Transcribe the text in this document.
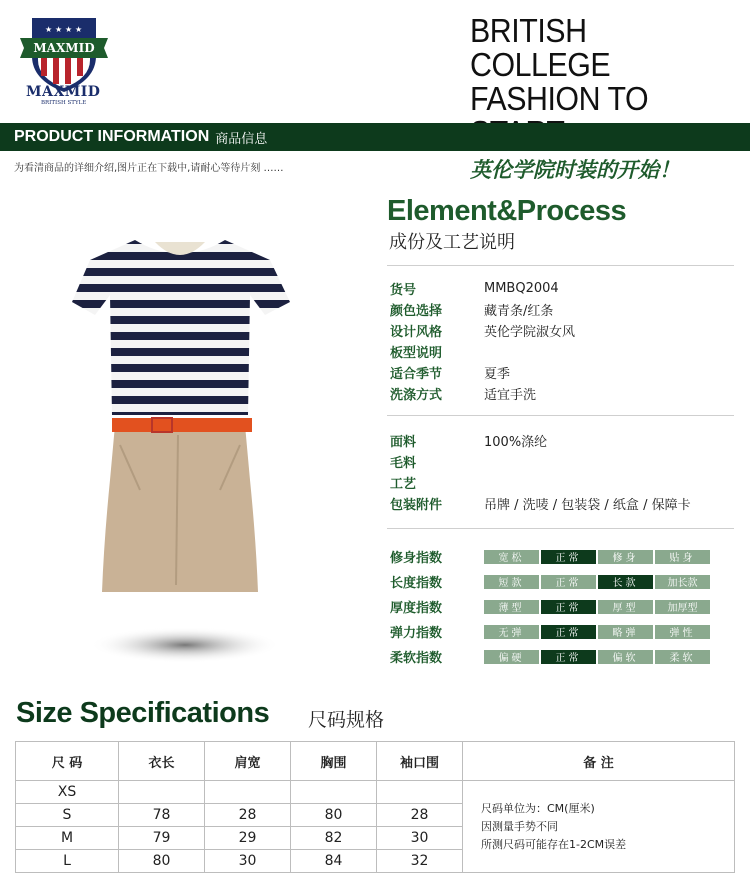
MAXMID
★ ★ ★ ★
MAXMID
BRITISH STYLE
BRITISH COLLEGE
FASHION TO
英伦学院时装的开始！
PRODUCT INFORMATION 商品信息
为看清商品的详细介绍,图片正在下载中,请耐心等待片刻 ……
Element&Process
成份及工艺说明
货号	MMBQ2004
颜色选择	藏青条/红条
设计风格	英伦学院淑女风
板型说明
适合季节	夏季
洗涤方式	适宜手洗
面料	100%涤纶
毛料
工艺
包装附件	吊牌 / 洗唛 / 包装袋 / 纸盒 / 保障卡
修身指数	宽松	正常	修身	贴身
长度指数	短款	正常	长款	加长款
厚度指数	薄型	正常	厚型	加厚型
弹力指数	无弹	正常	略弹	弹性
柔软指数	偏硬	正常	偏软	柔软
Size Specifications 尺码规格
尺 码	衣长	肩宽	胸围	袖口围	备 注
XS					尺码单位为：CM(厘米)
因测量手势不同
所测尺码可能存在1-2CM误差

S	78	28	80	28	
M	79	29	82	30	
L	80	30	84	32	
